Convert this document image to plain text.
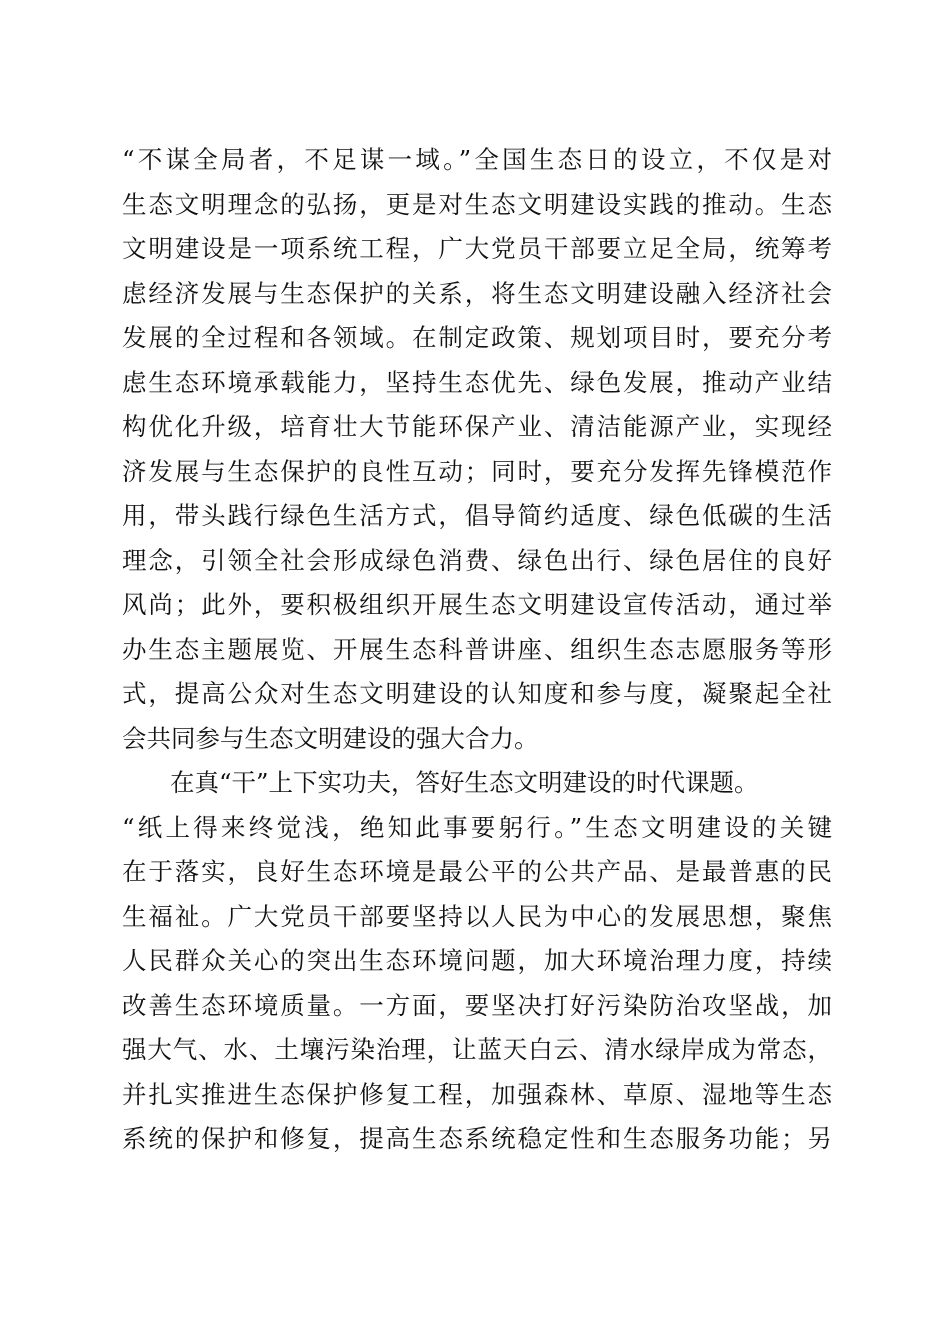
“不谋全局者，不足谋一域。”全国生态日的设立，不仅是对
生态文明理念的弘扬，更是对生态文明建设实践的推动。生态
文明建设是一项系统工程，广大党员干部要立足全局，统筹考
虑经济发展与生态保护的关系，将生态文明建设融入经济社会
发展的全过程和各领域。在制定政策、规划项目时，要充分考
虑生态环境承载能力，坚持生态优先、绿色发展，推动产业结
构优化升级，培育壮大节能环保产业、清洁能源产业，实现经
济发展与生态保护的良性互动；同时，要充分发挥先锋模范作
用，带头践行绿色生活方式，倡导简约适度、绿色低碳的生活
理念，引领全社会形成绿色消费、绿色出行、绿色居住的良好
风尚；此外，要积极组织开展生态文明建设宣传活动，通过举
办生态主题展览、开展生态科普讲座、组织生态志愿服务等形
式，提高公众对生态文明建设的认知度和参与度，凝聚起全社
会共同参与生态文明建设的强大合力。
在真“干”上下实功夫，答好生态文明建设的时代课题。
“纸上得来终觉浅，绝知此事要躬行。”生态文明建设的关键
在于落实，良好生态环境是最公平的公共产品、是最普惠的民
生福祉。广大党员干部要坚持以人民为中心的发展思想，聚焦
人民群众关心的突出生态环境问题，加大环境治理力度，持续
改善生态环境质量。一方面，要坚决打好污染防治攻坚战，加
强大气、水、土壤污染治理，让蓝天白云、清水绿岸成为常态，
并扎实推进生态保护修复工程，加强森林、草原、湿地等生态
系统的保护和修复，提高生态系统稳定性和生态服务功能；另
